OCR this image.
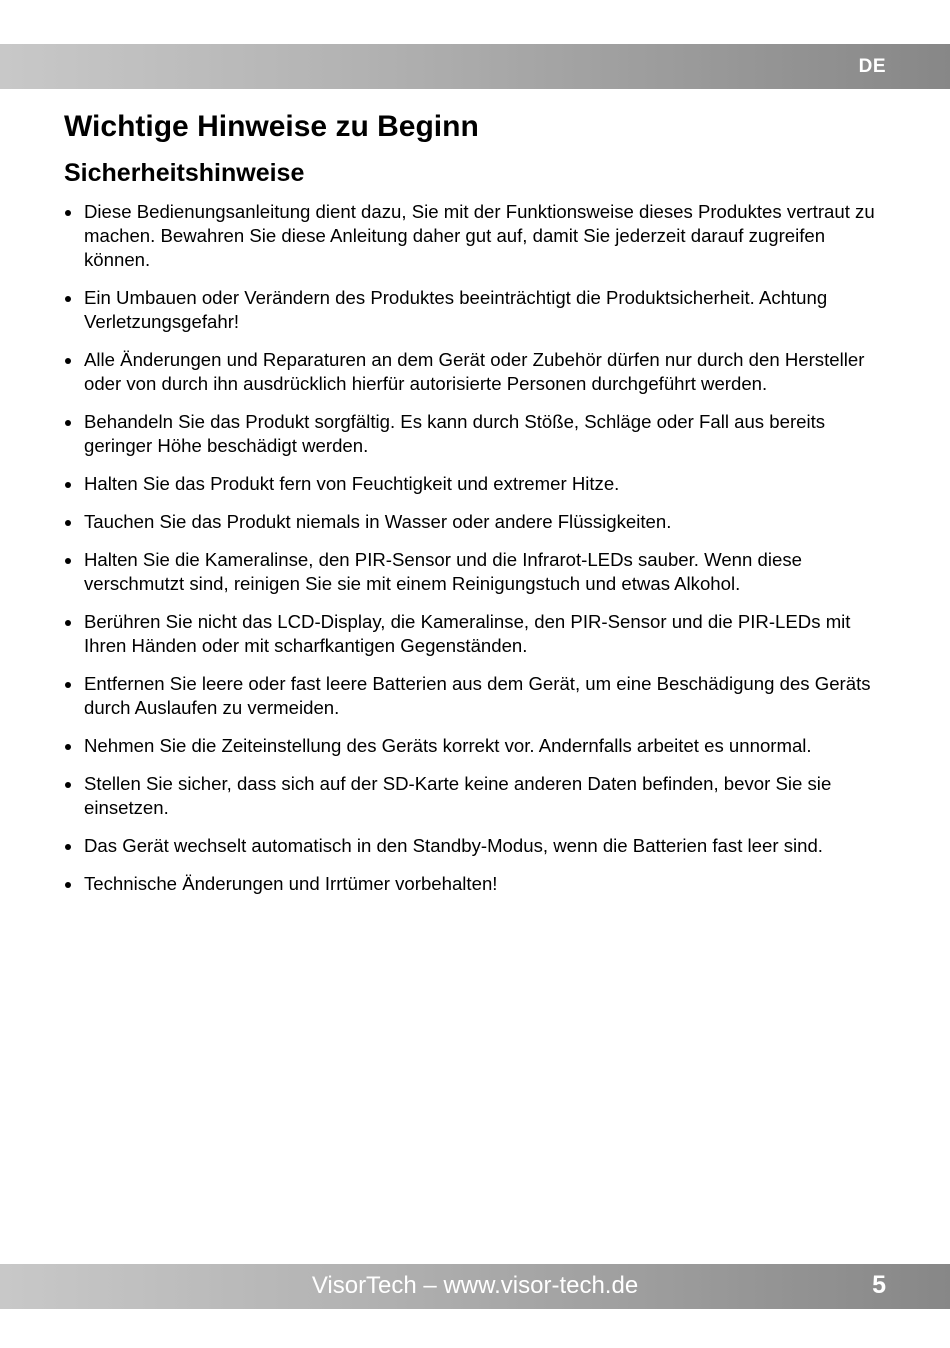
DE
Wichtige Hinweise zu Beginn
Sicherheitshinweise
Diese Bedienungsanleitung dient dazu, Sie mit der Funktionsweise dieses Produktes vertraut zu machen. Bewahren Sie diese Anleitung daher gut auf, damit Sie jederzeit darauf zugreifen können.
Ein Umbauen oder Verändern des Produktes beeinträchtigt die Produktsicherheit. Achtung Verletzungsgefahr!
Alle Änderungen und Reparaturen an dem Gerät oder Zubehör dürfen nur durch den Hersteller oder von durch ihn ausdrücklich hierfür autorisierte Personen durchgeführt werden.
Behandeln Sie das Produkt sorgfältig. Es kann durch Stöße, Schläge oder Fall aus bereits geringer Höhe beschädigt werden.
Halten Sie das Produkt fern von Feuchtigkeit und extremer Hitze.
Tauchen Sie das Produkt niemals in Wasser oder andere Flüssigkeiten.
Halten Sie die Kameralinse, den PIR-Sensor und die Infrarot-LEDs sauber. Wenn diese verschmutzt sind, reinigen Sie sie mit einem Reinigungstuch und etwas Alkohol.
Berühren Sie nicht das LCD-Display, die Kameralinse, den PIR-Sensor und die PIR-LEDs mit Ihren Händen oder mit scharfkantigen Gegenständen.
Entfernen Sie leere oder fast leere Batterien aus dem Gerät, um eine Beschädigung des Geräts durch Auslaufen zu vermeiden.
Nehmen Sie die Zeiteinstellung des Geräts korrekt vor. Andernfalls arbeitet es unnormal.
Stellen Sie sicher, dass sich auf der SD-Karte keine anderen Daten befinden, bevor Sie sie einsetzen.
Das Gerät wechselt automatisch in den Standby-Modus, wenn die Batterien fast leer sind.
Technische Änderungen und Irrtümer vorbehalten!
VisorTech – www.visor-tech.de	5
